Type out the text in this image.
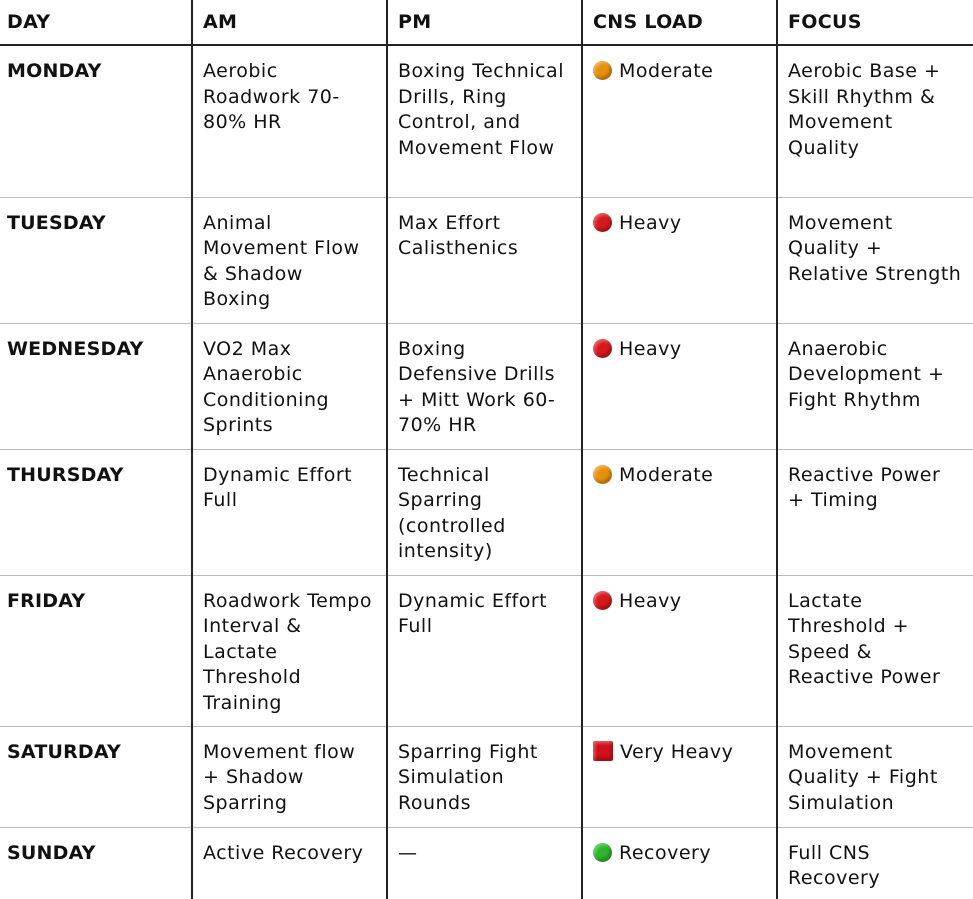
DAY	AM	PM	CNS LOAD	FOCUS
MONDAY	Aerobic Roadwork 70-80% HR	Boxing Technical Drills, Ring Control, and Movement Flow	Moderate	Aerobic Base + Skill Rhythm & Movement Quality
TUESDAY	Animal Movement Flow & Shadow Boxing	Max Effort Calisthenics	Heavy	Movement Quality + Relative Strength
WEDNESDAY	VO2 Max Anaerobic Conditioning Sprints	Boxing Defensive Drills + Mitt Work 60-70% HR	Heavy	Anaerobic Development + Fight Rhythm
THURSDAY	Dynamic Effort Full	Technical Sparring (controlled intensity)	Moderate	Reactive Power + Timing
FRIDAY	Roadwork Tempo Interval & Lactate Threshold Training	Dynamic Effort Full	Heavy	Lactate Threshold + Speed & Reactive Power
SATURDAY	Movement flow + Shadow Sparring	Sparring Fight Simulation Rounds	Very Heavy	Movement Quality + Fight Simulation
SUNDAY	Active Recovery	—	Recovery	Full CNS Recovery
